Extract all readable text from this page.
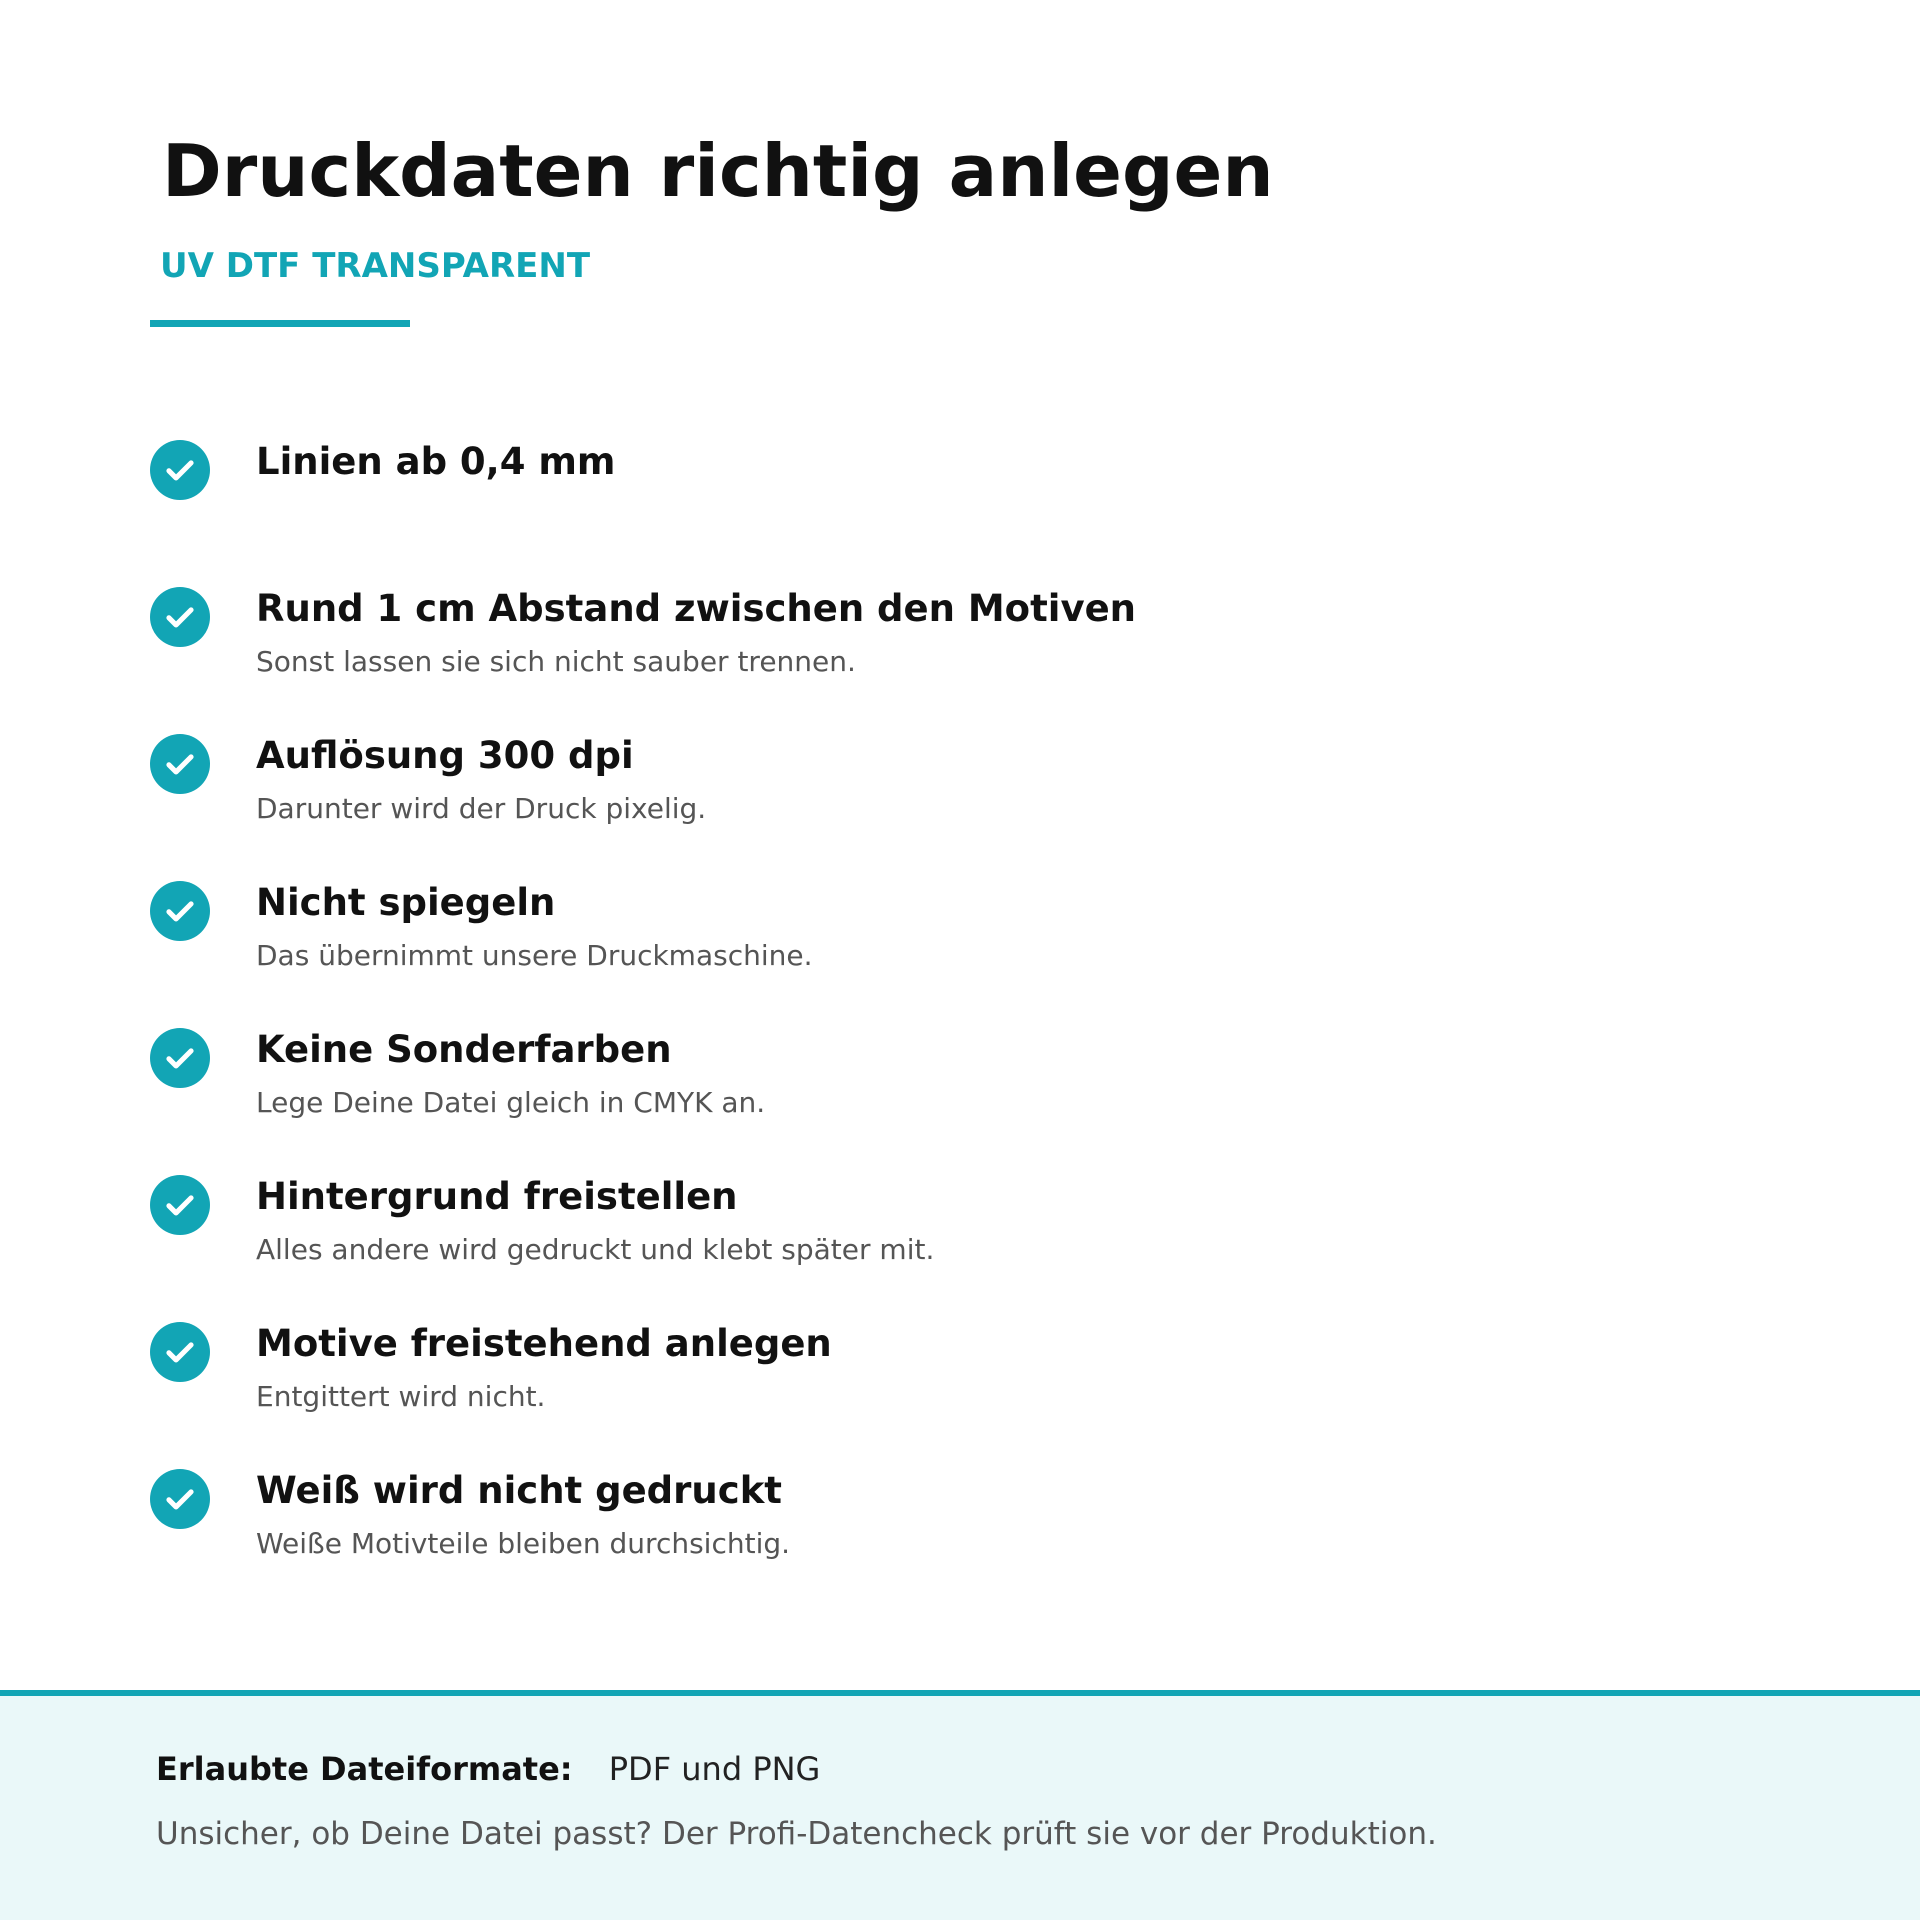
Druckdaten richtig anlegen
UV DTF TRANSPARENT
Linien ab 0,4 mm
Rund 1 cm Abstand zwischen den Motiven
Sonst lassen sie sich nicht sauber trennen.
Auflösung 300 dpi
Darunter wird der Druck pixelig.
Nicht spiegeln
Das übernimmt unsere Druckmaschine.
Keine Sonderfarben
Lege Deine Datei gleich in CMYK an.
Hintergrund freistellen
Alles andere wird gedruckt und klebt später mit.
Motive freistehend anlegen
Entgittert wird nicht.
Weiß wird nicht gedruckt
Weiße Motivteile bleiben durchsichtig.
Erlaubte Dateiformate: PDF und PNG
Unsicher, ob Deine Datei passt? Der Profi-Datencheck prüft sie vor der Produktion.
